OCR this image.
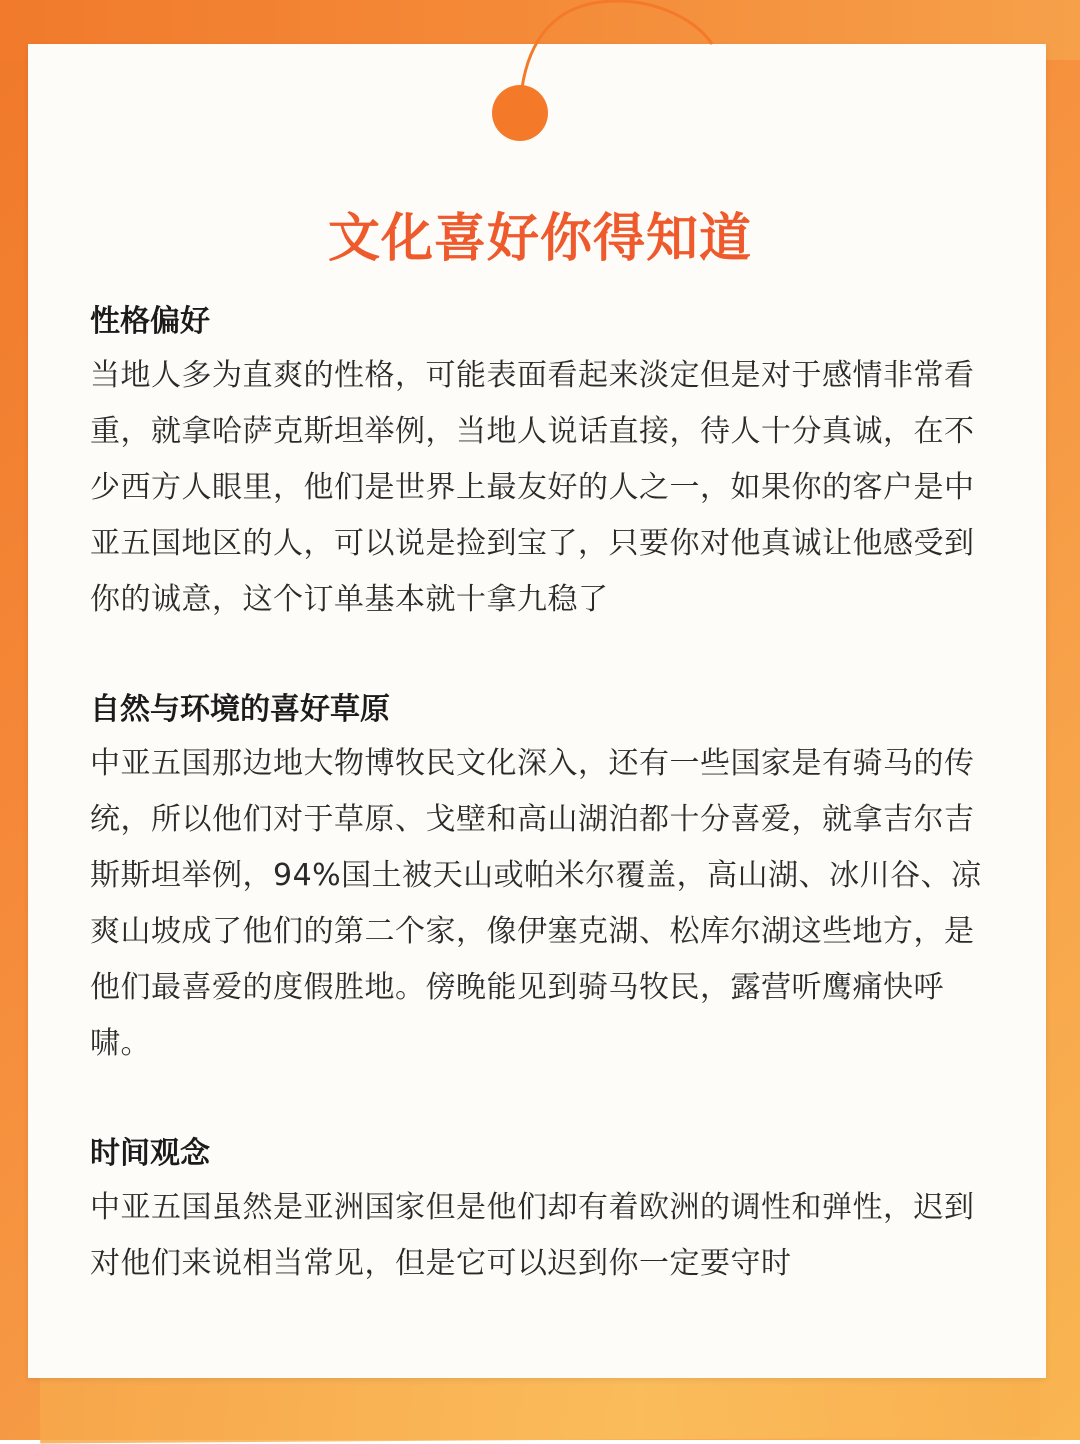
文化喜好你得知道

性格偏好

当地人多为直爽的性格，可能表面看起来淡定但是对于感情非常看重，就拿哈萨克斯坦举例，当地人说话直接，待人十分真诚，在不少西方人眼里，他们是世界上最友好的人之一，如果你的客户是中亚五国地区的人，可以说是捡到宝了，只要你对他真诚让他感受到你的诚意，这个订单基本就十拿九稳了

自然与环境的喜好草原

中亚五国那边地大物博牧民文化深入，还有一些国家是有骑马的传统，所以他们对于草原、戈壁和高山湖泊都十分喜爱，就拿吉尔吉斯斯坦举例，94%国土被天山或帕米尔覆盖，高山湖、冰川谷、凉爽山坡成了他们的第二个家，像伊塞克湖、松库尔湖这些地方，是他们最喜爱的度假胜地。傍晚能见到骑马牧民，露营听鹰痛快呼啸。

时间观念

中亚五国虽然是亚洲国家但是他们却有着欧洲的调性和弹性，迟到对他们来说相当常见，但是它可以迟到你一定要守时
